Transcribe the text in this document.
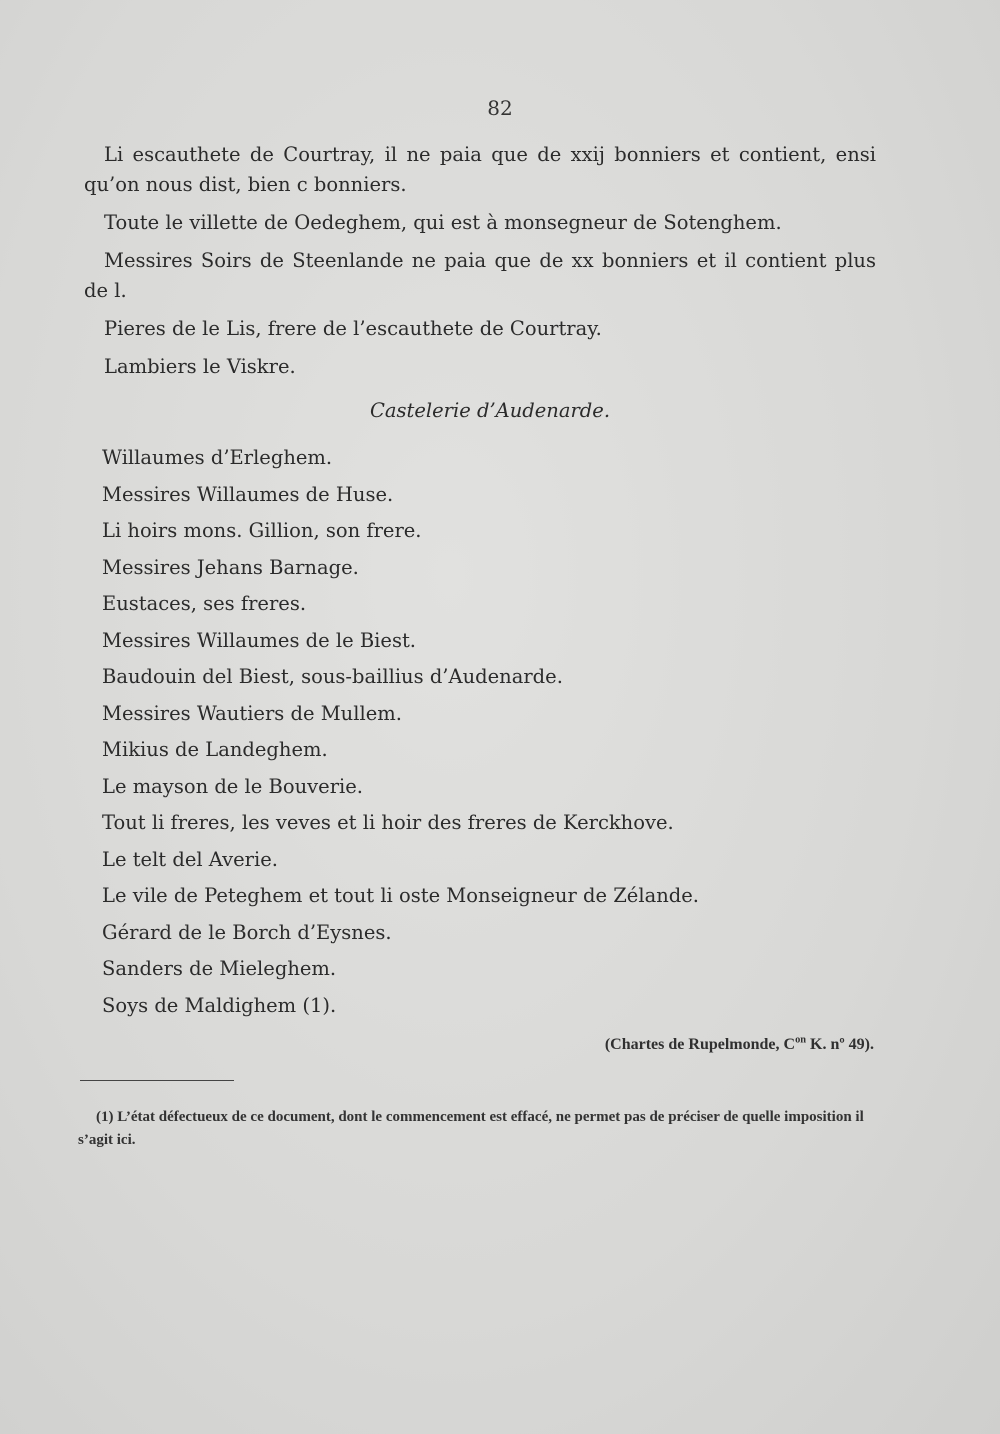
82

Li escauthete de Courtray, il ne paia que de xxij bonniers et contient, ensi qu’on nous dist, bien c bonniers.

Toute le villette de Oedeghem, qui est à monsegneur de Sotenghem.

Messires Soirs de Steenlande ne paia que de xx bonniers et il contient plus de l.

Pieres de le Lis, frere de l’escauthete de Courtray.

Lambiers le Viskre.

Castelerie d’Audenarde.
Willaumes d’Erleghem.
Messires Willaumes de Huse.
Li hoirs mons. Gillion, son frere.
Messires Jehans Barnage.
Eustaces, ses freres.
Messires Willaumes de le Biest.
Baudouin del Biest, sous-baillius d’Audenarde.
Messires Wautiers de Mullem.
Mikius de Landeghem.
Le mayson de le Bouverie.
Tout li freres, les veves et li hoir des freres de Kerckhove.
Le telt del Averie.
Le vile de Peteghem et tout li oste Monseigneur de Zélande.
Gérard de le Borch d’Eysnes.
Sanders de Mieleghem.
Soys de Maldighem (1).
(Chartes de Rupelmonde, $C^{on}$ K. nº 49).
(1) L’état défectueux de ce document, dont le commencement est effacé, ne permet pas de préciser de quelle imposition il s’agit ici.
